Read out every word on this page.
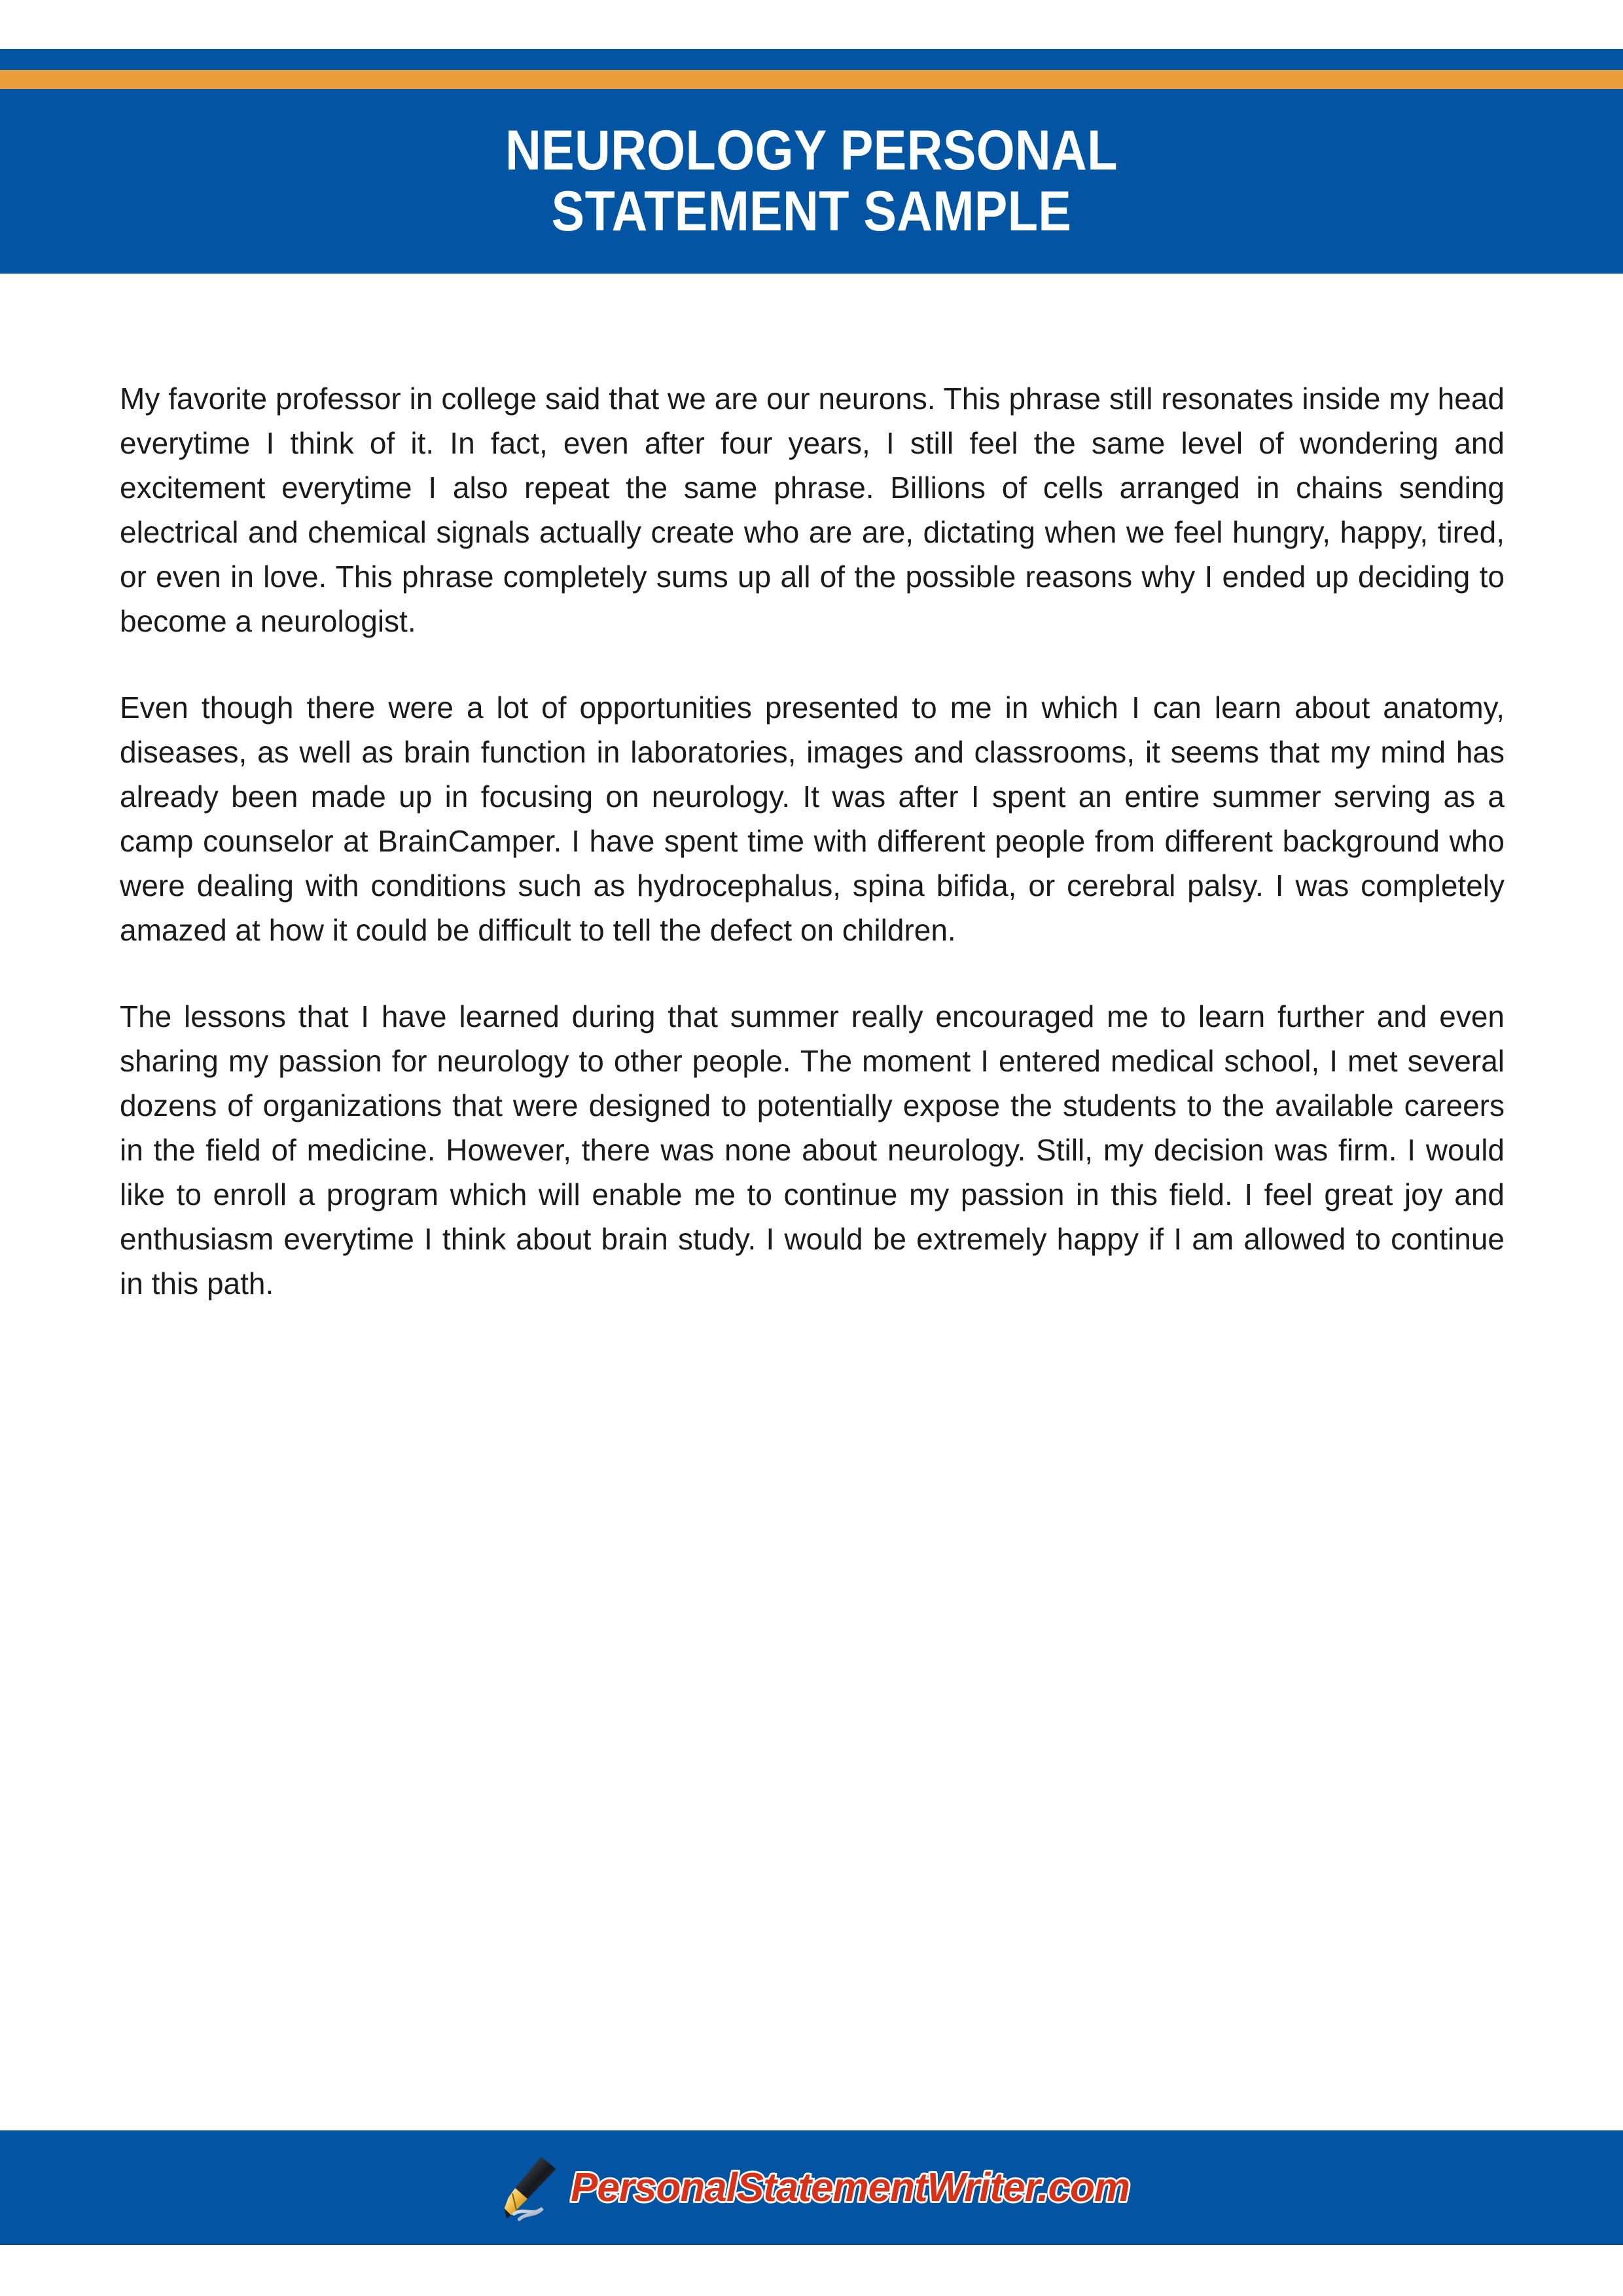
NEUROLOGY PERSONAL STATEMENT SAMPLE

My favorite professor in college said that we are our neurons. This phrase still resonates inside my head everytime I think of it. In fact, even after four years, I still feel the same level of wondering and excitement everytime I also repeat the same phrase. Billions of cells arranged in chains sending electrical and chemical signals actually create who are are, dictating when we feel hungry, happy, tired, or even in love. This phrase completely sums up all of the possible reasons why I ended up deciding to become a neurologist.

Even though there were a lot of opportunities presented to me in which I can learn about anatomy, diseases, as well as brain function in laboratories, images and classrooms, it seems that my mind has already been made up in focusing on neurology. It was after I spent an entire summer serving as a camp counselor at BrainCamper. I have spent time with different people from different background who were dealing with conditions such as hydrocephalus, spina bifida, or cerebral palsy. I was completely amazed at how it could be difficult to tell the defect on children.

The lessons that I have learned during that summer really encouraged me to learn further and even sharing my passion for neurology to other people. The moment I entered medical school, I met several dozens of organizations that were designed to potentially expose the students to the available careers in the field of medicine. However, there was none about neurology. Still, my decision was firm. I would like to enroll a program which will enable me to continue my passion in this field. I feel great joy and enthusiasm everytime I think about brain study. I would be extremely happy if I am allowed to continue in this path.

PersonalStatementWriter.com
